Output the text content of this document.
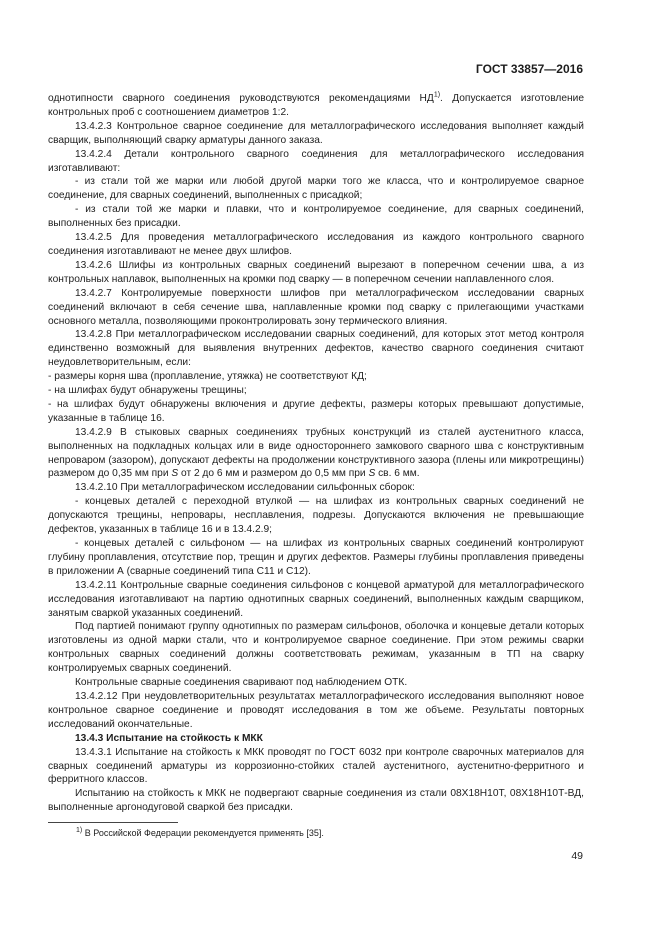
ГОСТ 33857—2016

однотипности сварного соединения руководствуются рекомендациями НД$^{1)}$. Допускается изготовление контрольных проб с соотношением диаметров 1:2.

13.4.2.3 Контрольное сварное соединение для металлографического исследования выполняет каждый сварщик, выполняющий сварку арматуры данного заказа.

13.4.2.4 Детали контрольного сварного соединения для металлографического исследования изготавливают:

- из стали той же марки или любой другой марки того же класса, что и контролируемое сварное соединение, для сварных соединений, выполненных с присадкой;

- из стали той же марки и плавки, что и контролируемое соединение, для сварных соединений, выполненных без присадки.

13.4.2.5 Для проведения металлографического исследования из каждого контрольного сварного соединения изготавливают не менее двух шлифов.

13.4.2.6 Шлифы из контрольных сварных соединений вырезают в поперечном сечении шва, а из контрольных наплавок, выполненных на кромки под сварку — в поперечном сечении наплавленного слоя.

13.4.2.7 Контролируемые поверхности шлифов при металлографическом исследовании сварных соединений включают в себя сечение шва, наплавленные кромки под сварку с прилегающими участками основного металла, позволяющими проконтролировать зону термического влияния.

13.4.2.8 При металлографическом исследовании сварных соединений, для которых этот метод контроля единственно возможный для выявления внутренних дефектов, качество сварного соединения считают неудовлетворительным, если:

- размеры корня шва (проплавление, утяжка) не соответствуют КД;

- на шлифах будут обнаружены трещины;

- на шлифах будут обнаружены включения и другие дефекты, размеры которых превышают допустимые, указанные в таблице 16.

13.4.2.9 В стыковых сварных соединениях трубных конструкций из сталей аустенитного класса, выполненных на подкладных кольцах или в виде одностороннего замкового сварного шва с конструктивным непроваром (зазором), допускают дефекты на продолжении конструктивного зазора (плены или микротрещины) размером до 0,35 мм при S от 2 до 6 мм и размером до 0,5 мм при S св. 6 мм.

13.4.2.10 При металлографическом исследовании сильфонных сборок:

- концевых деталей с переходной втулкой — на шлифах из контрольных сварных соединений не допускаются трещины, непровары, несплавления, подрезы. Допускаются включения не превышающие дефектов, указанных в таблице 16 и в 13.4.2.9;

- концевых деталей с сильфоном — на шлифах из контрольных сварных соединений контролируют глубину проплавления, отсутствие пор, трещин и других дефектов. Размеры глубины проплавления приведены в приложении А (сварные соединений типа С11 и С12).

13.4.2.11 Контрольные сварные соединения сильфонов с концевой арматурой для металлографического исследования изготавливают на партию однотипных сварных соединений, выполненных каждым сварщиком, занятым сваркой указанных соединений.

Под партией понимают группу однотипных по размерам сильфонов, оболочка и концевые детали которых изготовлены из одной марки стали, что и контролируемое сварное соединение. При этом режимы сварки контрольных сварных соединений должны соответствовать режимам, указанным в ТП на сварку контролируемых сварных соединений.

Контрольные сварные соединения сваривают под наблюдением ОТК.

13.4.2.12 При неудовлетворительных результатах металлографического исследования выполняют новое контрольное сварное соединение и проводят исследования в том же объеме. Результаты повторных исследований окончательные.

13.4.3 Испытание на стойкость к МКК

13.4.3.1 Испытание на стойкость к МКК проводят по ГОСТ 6032 при контроле сварочных материалов для сварных соединений арматуры из коррозионно-стойких сталей аустенитного, аустенитно-ферритного и ферритного классов.

Испытанию на стойкость к МКК не подвергают сварные соединения из стали 08Х18Н10Т, 08Х18Н10Т-ВД, выполненные аргонодуговой сваркой без присадки.

$^{1)}$ В Российской Федерации рекомендуется применять [35].
49
